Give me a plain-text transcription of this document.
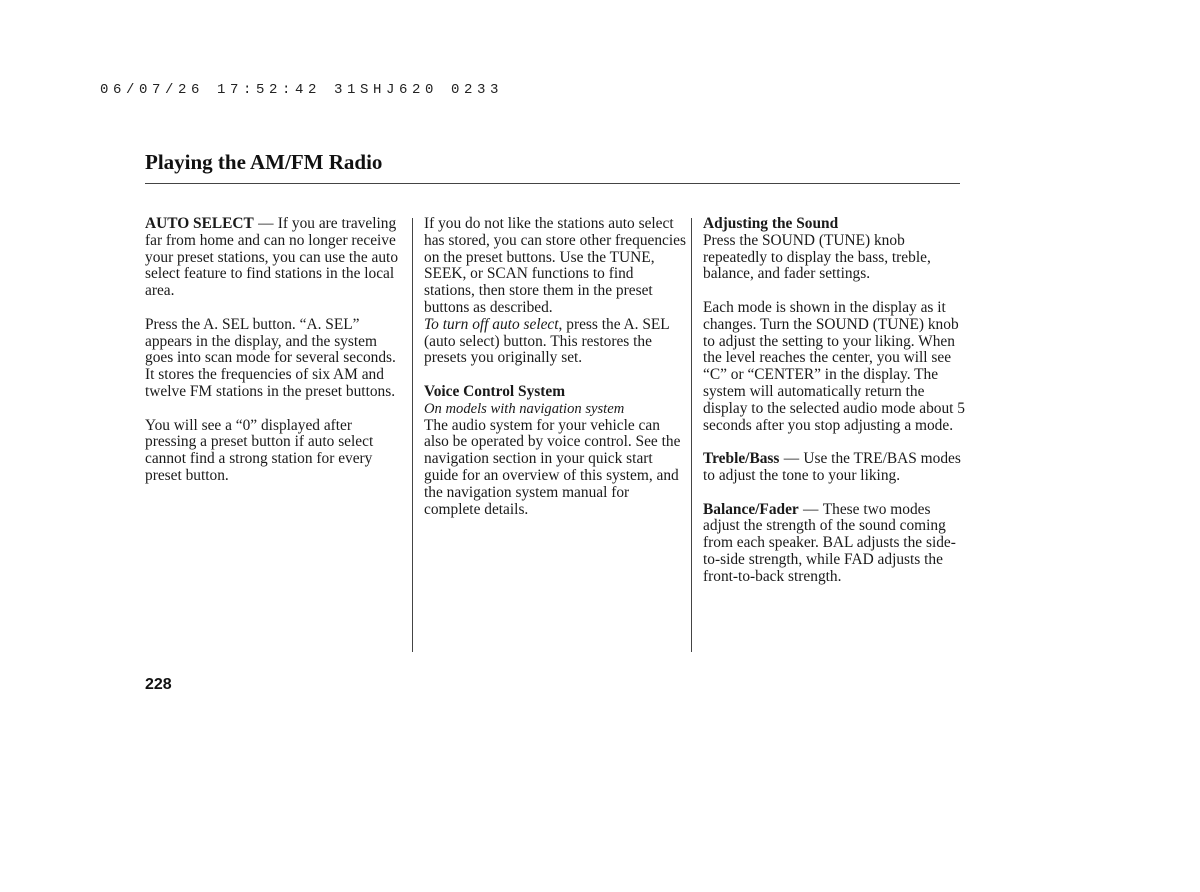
06/07/26 17:52:42 31SHJ620 0233
Playing the AM/FM Radio

AUTO SELECT — If you are traveling far from home and can no longer receive your preset stations, you can use the auto select feature to find stations in the local area.

Press the A. SEL button. “A. SEL” appears in the display, and the system goes into scan mode for several seconds. It stores the frequencies of six AM and twelve FM stations in the preset buttons.

You will see a “0” displayed after pressing a preset button if auto select cannot find a strong station for every preset button.

If you do not like the stations auto select has stored, you can store other frequencies on the preset buttons. Use the TUNE, SEEK, or SCAN functions to find stations, then store them in the preset buttons as described.

To turn off auto select, press the A. SEL (auto select) button. This restores the presets you originally set.

Voice Control System
On models with navigation system

The audio system for your vehicle can also be operated by voice control. See the navigation section in your quick start guide for an overview of this system, and the navigation system manual for complete details.

Adjusting the Sound

Press the SOUND (TUNE) knob repeatedly to display the bass, treble, balance, and fader settings.

Each mode is shown in the display as it changes. Turn the SOUND (TUNE) knob to adjust the setting to your liking. When the level reaches the center, you will see “C” or “CENTER” in the display. The system will automatically return the display to the selected audio mode about 5 seconds after you stop adjusting a mode.

Treble/Bass — Use the TRE/BAS modes to adjust the tone to your liking.

Balance/Fader — These two modes adjust the strength of the sound coming from each speaker. BAL adjusts the side-to-side strength, while FAD adjusts the front-to-back strength.

228
